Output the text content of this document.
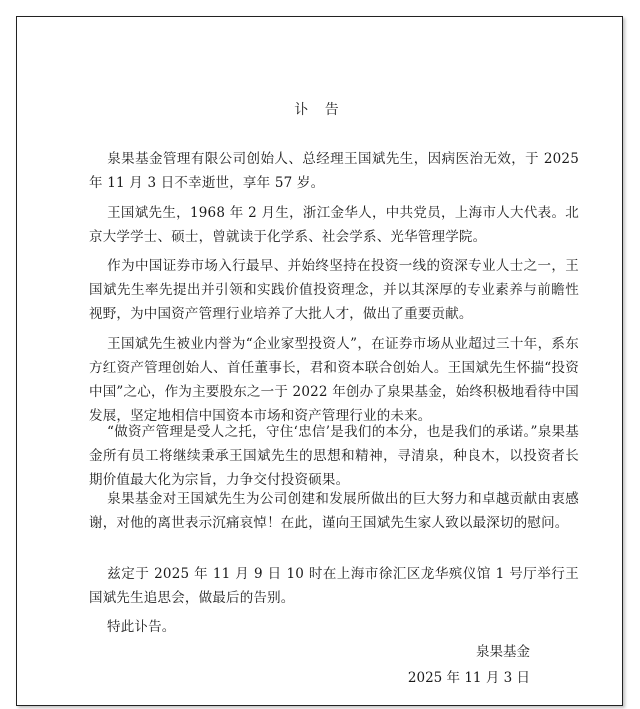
讣 告

泉果基金管理有限公司创始人、总经理王国斌先生，因病医治无效，于 2025 年 11 月 3 日不幸逝世，享年 57 岁。

王国斌先生，1968 年 2 月生，浙江金华人，中共党员，上海市人大代表。北京大学学士、硕士，曾就读于化学系、社会学系、光华管理学院。

作为中国证券市场入行最早、并始终坚持在投资一线的资深专业人士之一，王国斌先生率先提出并引领和实践价值投资理念，并以其深厚的专业素养与前瞻性视野，为中国资产管理行业培养了大批人才，做出了重要贡献。

王国斌先生被业内誉为“企业家型投资人”，在证券市场从业超过三十年，系东方红资产管理创始人、首任董事长，君和资本联合创始人。王国斌先生怀揣“投资中国”之心，作为主要股东之一于 2022 年创办了泉果基金，始终积极地看待中国发展，坚定地相信中国资本市场和资产管理行业的未来。

“做资产管理是受人之托，守住‘忠信’是我们的本分，也是我们的承诺。”泉果基金所有员工将继续秉承王国斌先生的思想和精神，寻清泉，种良木，以投资者长期价值最大化为宗旨，力争交付投资硕果。

泉果基金对王国斌先生为公司创建和发展所做出的巨大努力和卓越贡献由衷感谢，对他的离世表示沉痛哀悼！在此，谨向王国斌先生家人致以最深切的慰问。

兹定于 2025 年 11 月 9 日 10 时在上海市徐汇区龙华殡仪馆 1 号厅举行王国斌先生追思会，做最后的告别。

特此讣告。

泉果基金
2025 年 11 月 3 日
